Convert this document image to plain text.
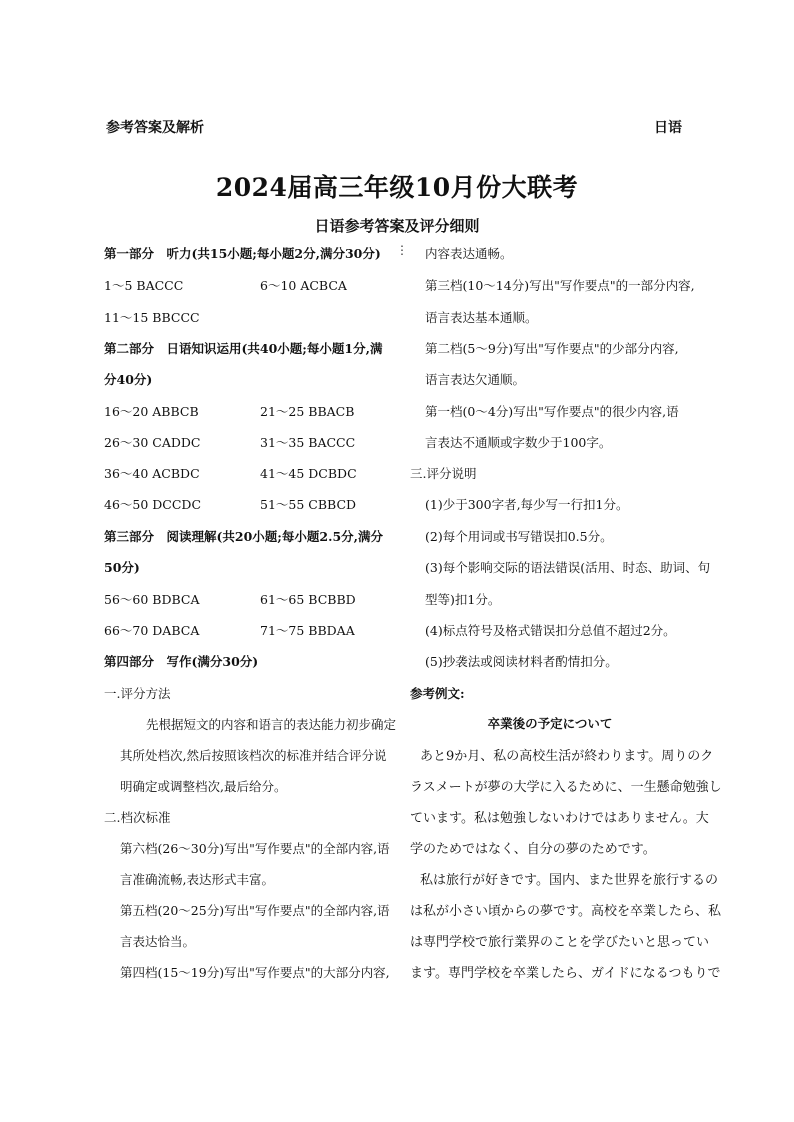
参考答案及解析	日语
2024届高三年级10月份大联考
日语参考答案及评分细则
⋮
第一部分　听力(共15小题;每小题2分,满分30分)
1～5 BACCC	6～10 ACBCA
11～15 BBCCC
第二部分　日语知识运用(共40小题;每小题1分,满
分40分)
16～20 ABBCB	21～25 BBACB
26～30 CADDC	31～35 BACCC
36～40 ACBDC	41～45 DCBDC
46～50 DCCDC	51～55 CBBCD
第三部分　阅读理解(共20小题;每小题2.5分,满分
50分)
56～60 BDBCA	61～65 BCBBD
66～70 DABCA	71～75 BBDAA
第四部分　写作(满分30分)
一.评分方法
先根据短文的内容和语言的表达能力初步确定
其所处档次,然后按照该档次的标准并结合评分说
明确定或调整档次,最后给分。
二.档次标准
第六档(26～30分)写出"写作要点"的全部内容,语
言准确流畅,表达形式丰富。
第五档(20～25分)写出"写作要点"的全部内容,语
言表达恰当。
第四档(15～19分)写出"写作要点"的大部分内容,
内容表达通畅。
第三档(10～14分)写出"写作要点"的一部分内容,
语言表达基本通顺。
第二档(5～9分)写出"写作要点"的少部分内容,
语言表达欠通顺。
第一档(0～4分)写出"写作要点"的很少内容,语
言表达不通顺或字数少于100字。
三.评分说明
(1)少于300字者,每少写一行扣1分。
(2)每个用词或书写错误扣0.5分。
(3)每个影响交际的语法错误(活用、时态、助词、句
型等)扣1分。
(4)标点符号及格式错误扣分总值不超过2分。
(5)抄袭法或阅读材料者酌情扣分。
参考例文:
卒業後の予定について
あと9か月、私の高校生活が終わります。周りのク
ラスメートが夢の大学に入るために、一生懸命勉強し
ています。私は勉強しないわけではありません。大
学のためではなく、自分の夢のためです。
私は旅行が好きです。国内、また世界を旅行するの
は私が小さい頃からの夢です。高校を卒業したら、私
は専門学校で旅行業界のことを学びたいと思ってい
ます。専門学校を卒業したら、ガイドになるつもりで
